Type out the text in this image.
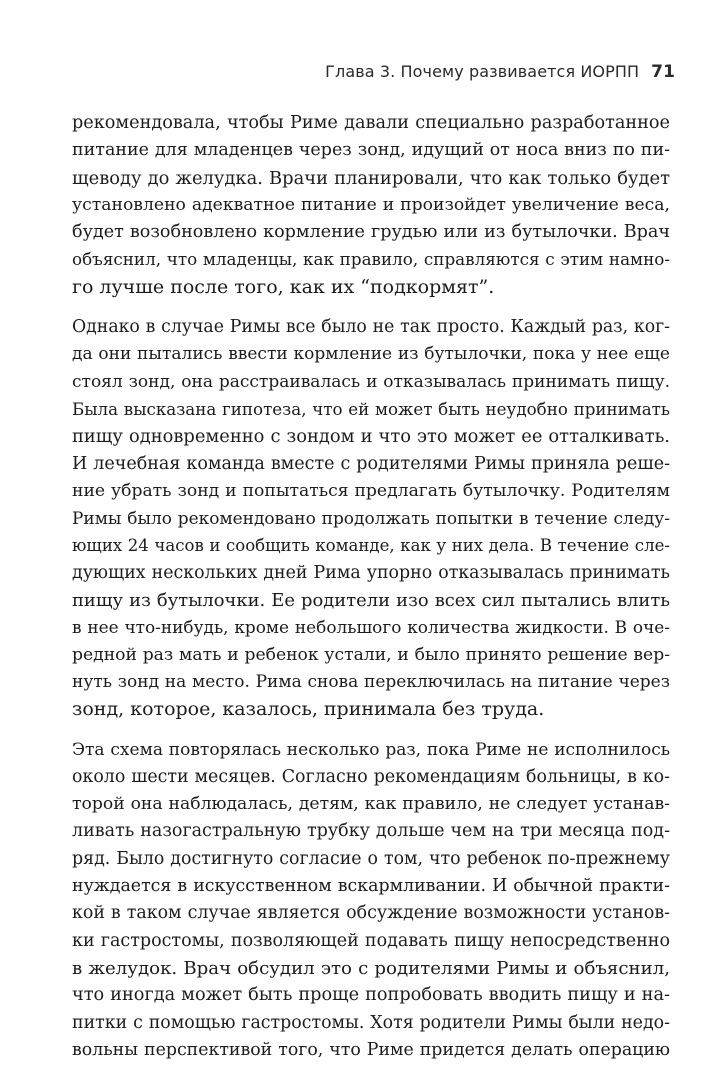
Глава 3. Почему развивается ИОРПП 71

рекомендовала, чтобы Риме давали специально разработанное
питание для младенцев через зонд, идущий от носа вниз по пи-
щеводу до желудка. Врачи планировали, что как только будет
установлено адекватное питание и произойдет увеличение веса,
будет возобновлено кормление грудью или из бутылочки. Врач
объяснил, что младенцы, как правило, справляются с этим намно-
го лучше после того, как их “подкормят”.

Однако в случае Римы все было не так просто. Каждый раз, ког-
да они пытались ввести кормление из бутылочки, пока у нее еще
стоял зонд, она расстраивалась и отказывалась принимать пищу.
Была высказана гипотеза, что ей может быть неудобно принимать
пищу одновременно с зондом и что это может ее отталкивать.
И лечебная команда вместе с родителями Римы приняла реше-
ние убрать зонд и попытаться предлагать бутылочку. Родителям
Римы было рекомендовано продолжать попытки в течение следу-
ющих 24 часов и сообщить команде, как у них дела. В течение сле-
дующих нескольких дней Рима упорно отказывалась принимать
пищу из бутылочки. Ее родители изо всех сил пытались влить
в нее что-нибудь, кроме небольшого количества жидкости. В оче-
редной раз мать и ребенок устали, и было принято решение вер-
нуть зонд на место. Рима снова переключилась на питание через
зонд, которое, казалось, принимала без труда.

Эта схема повторялась несколько раз, пока Риме не исполнилось
около шести месяцев. Согласно рекомендациям больницы, в ко-
торой она наблюдалась, детям, как правило, не следует устанав-
ливать назогастральную трубку дольше чем на три месяца под-
ряд. Было достигнуто согласие о том, что ребенок по-прежнему
нуждается в искусственном вскармливании. И обычной практи-
кой в таком случае является обсуждение возможности установ-
ки гастростомы, позволяющей подавать пищу непосредственно
в желудок. Врач обсудил это с родителями Римы и объяснил,
что иногда может быть проще попробовать вводить пищу и на-
питки с помощью гастростомы. Хотя родители Римы были недо-
вольны перспективой того, что Риме придется делать операцию
